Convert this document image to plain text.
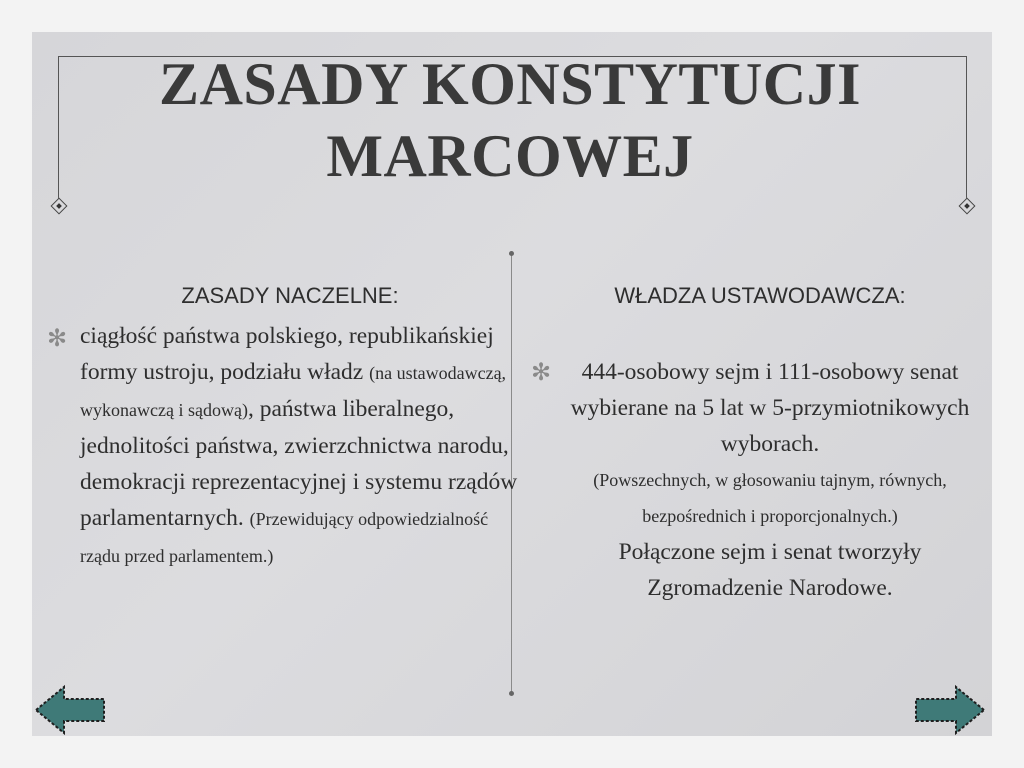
ZASADY KONSTYTUCJI
MARCOWEJ
ZASADY NACZELNE:
✻ ciągłość państwa polskiego, republikańskiej formy ustroju, podziału władz (na ustawodawczą, wykonawczą i sądową), państwa liberalnego, jednolitości państwa, zwierzchnictwa narodu, demokracji reprezentacyjnej i systemu rządów parlamentarnych. (Przewidujący odpowiedzialność rządu przed parlamentem.)
WŁADZA USTAWODAWCZA:
✻	444-osobowy sejm i 111-osobowy senat wybierane na 5 lat w 5-przymiotnikowych wyborach.
(Powszechnych, w głosowaniu tajnym, równych, bezpośrednich i proporcjonalnych.)
Połączone sejm i senat tworzyły Zgromadzenie Narodowe.
